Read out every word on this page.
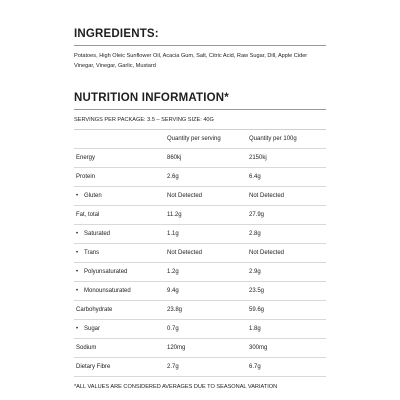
INGREDIENTS:

Potatoes, High Oleic Sunflower Oil, Acacia Gum, Salt, Citric Acid, Raw Sugar, Dill, Apple Cider Vinegar, Vinegar, Garlic, Mustard

NUTRITION INFORMATION*
SERVINGS PER PACKAGE: 3.5 – SERVING SIZE: 40G
	Quantity per serving	Quantity per 100g
Energy	860kj	2150kj
Protein	2.6g	6.4g
• Gluten	Not Detected	Not Detected
Fat, total	11.2g	27.9g
• Saturated	1.1g	2.8g
• Trans	Not Detected	Not Detected
• Polyunsaturated	1.2g	2.9g
• Monounsaturated	9.4g	23.5g
Carbohydrate	23.8g	59.6g
• Sugar	0.7g	1.8g
Sodium	120mg	300mg
Dietary Fibre	2.7g	6.7g
*ALL VALUES ARE CONSIDERED AVERAGES DUE TO SEASONAL VARIATION
